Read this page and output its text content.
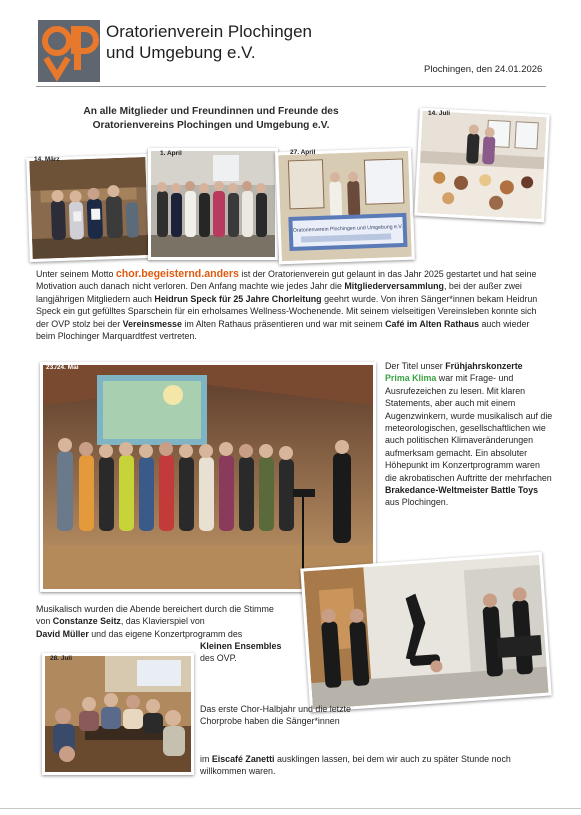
Oratorienverein Plochingen
und Umgebung e.V.
Plochingen, den 24.01.2026
An alle Mitglieder und Freundinnen und Freunde des
Oratorienvereins Plochingen und Umgebung e.V.
14. März
1. April
Oratorienverein Plochingen und Umgebung e.V.
27. April
14. Juli
Unter seinem Motto chor.begeisternd.anders ist der Oratorienverein gut gelaunt in das Jahr 2025 gestartet und hat seine Motivation auch danach nicht verloren. Den Anfang machte wie jedes Jahr die Mitgliederversammlung, bei der außer zwei langjährigen Mitgliedern auch Heidrun Speck für 25 Jahre Chorleitung geehrt wurde. Von ihren Sänger*innen bekam Heidrun Speck ein gut gefülltes Sparschein für ein erholsames Wellness-Wochenende. Mit seinem vielseitigen Vereinsleben konnte sich der OVP stolz bei der Vereinsmesse im Alten Rathaus präsentieren und war mit seinem Café im Alten Rathaus auch wieder beim Plochinger Marquardtfest vertreten.
23./24. Mai	Der Titel unser Frühjahrskonzerte
Prima Klima war mit Frage- und Ausrufezeichen zu lesen. Mit klaren Statements, aber auch mit einem Augenzwinkern, wurde musikalisch auf die meteorologischen, gesellschaftlichen wie auch politischen Klimaveränderungen aufmerksam gemacht. Ein absoluter Höhepunkt im Konzertprogramm waren die akrobatischen Auftritte der mehrfachen Brakedance-Weltmeister Battle Toys aus Plochingen.
Musikalisch wurden die Abende bereichert durch die Stimme von Constanze Seitz, das Klavierspiel von
David Müller und das eigene Konzertprogramm des
Kleinen Ensembles
des OVP.
28. Juli
Das erste Chor-Halbjahr und die letzte Chorprobe haben die Sänger*innen
im Eiscafé Zanetti ausklingen lassen, bei dem wir auch zu später Stunde noch willkommen waren.
